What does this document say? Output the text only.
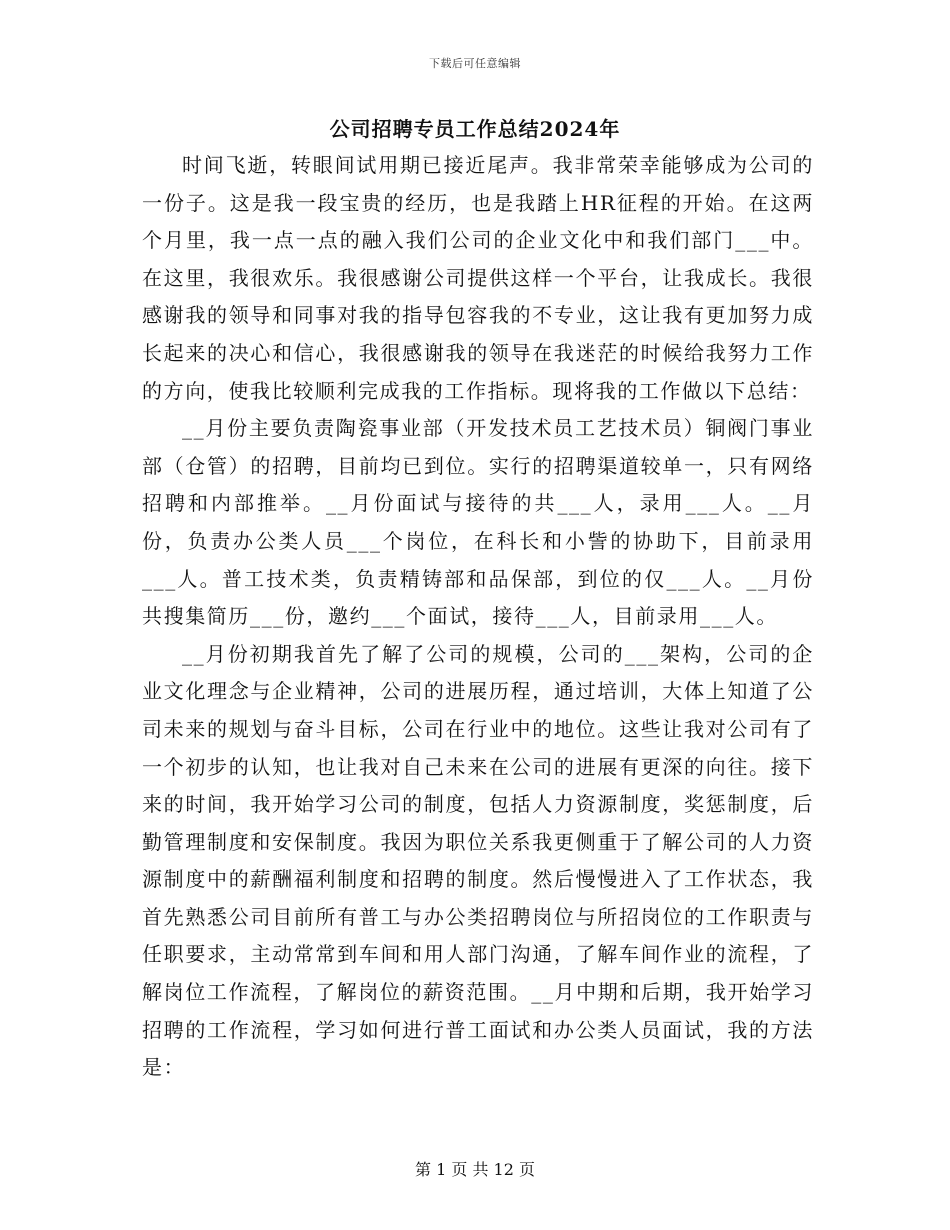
下载后可任意编辑
公司招聘专员工作总结2024年

时间飞逝，转眼间试用期已接近尾声。我非常荣幸能够成为公司的一份子。这是我一段宝贵的经历，也是我踏上HR征程的开始。在这两个月里，我一点一点的融入我们公司的企业文化中和我们部门___中。在这里，我很欢乐。我很感谢公司提供这样一个平台，让我成长。我很感谢我的领导和同事对我的指导包容我的不专业，这让我有更加努力成长起来的决心和信心，我很感谢我的领导在我迷茫的时候给我努力工作的方向，使我比较顺利完成我的工作指标。现将我的工作做以下总结：

__月份主要负责陶瓷事业部（开发技术员工艺技术员）铜阀门事业部（仓管）的招聘，目前均已到位。实行的招聘渠道较单一，只有网络招聘和内部推举。__月份面试与接待的共___人，录用___人。__月份，负责办公类人员___个岗位，在科长和小訾的协助下，目前录用___人。普工技术类，负责精铸部和品保部，到位的仅___人。__月份共搜集简历___份，邀约___个面试，接待___人，目前录用___人。

__月份初期我首先了解了公司的规模，公司的___架构，公司的企业文化理念与企业精神，公司的进展历程，通过培训，大体上知道了公司未来的规划与奋斗目标，公司在行业中的地位。这些让我对公司有了一个初步的认知，也让我对自己未来在公司的进展有更深的向往。接下来的时间，我开始学习公司的制度，包括人力资源制度，奖惩制度，后勤管理制度和安保制度。我因为职位关系我更侧重于了解公司的人力资源制度中的薪酬福利制度和招聘的制度。然后慢慢进入了工作状态，我首先熟悉公司目前所有普工与办公类招聘岗位与所招岗位的工作职责与任职要求，主动常常到车间和用人部门沟通，了解车间作业的流程，了解岗位工作流程，了解岗位的薪资范围。__月中期和后期，我开始学习招聘的工作流程，学习如何进行普工面试和办公类人员面试，我的方法是：

第 1 页 共 12 页
